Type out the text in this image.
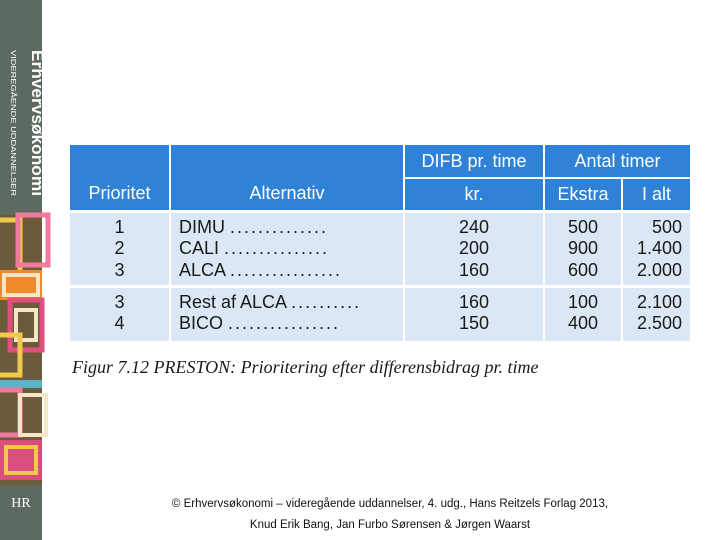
Erhvervsøkonomi
VIDEREGÅENDE UDDANNELSER
HR
		DIFB pr. time	Antal timer	
Prioritet	Alternativ	kr.	Ekstra	I alt
1	DIMU ..............	240	500	500
2	CALI ...............	200	900	1.400
3	ALCA ................	160	600	2.000
3	Rest af ALCA ..........	160	100	2.100
4	BICO ................	150	400	2.500
Figur 7.12 PRESTON: Prioritering efter differensbidrag pr. time
© Erhvervsøkonomi – videregående uddannelser, 4. udg., Hans Reitzels Forlag 2013,
Knud Erik Bang, Jan Furbo Sørensen & Jørgen Waarst
